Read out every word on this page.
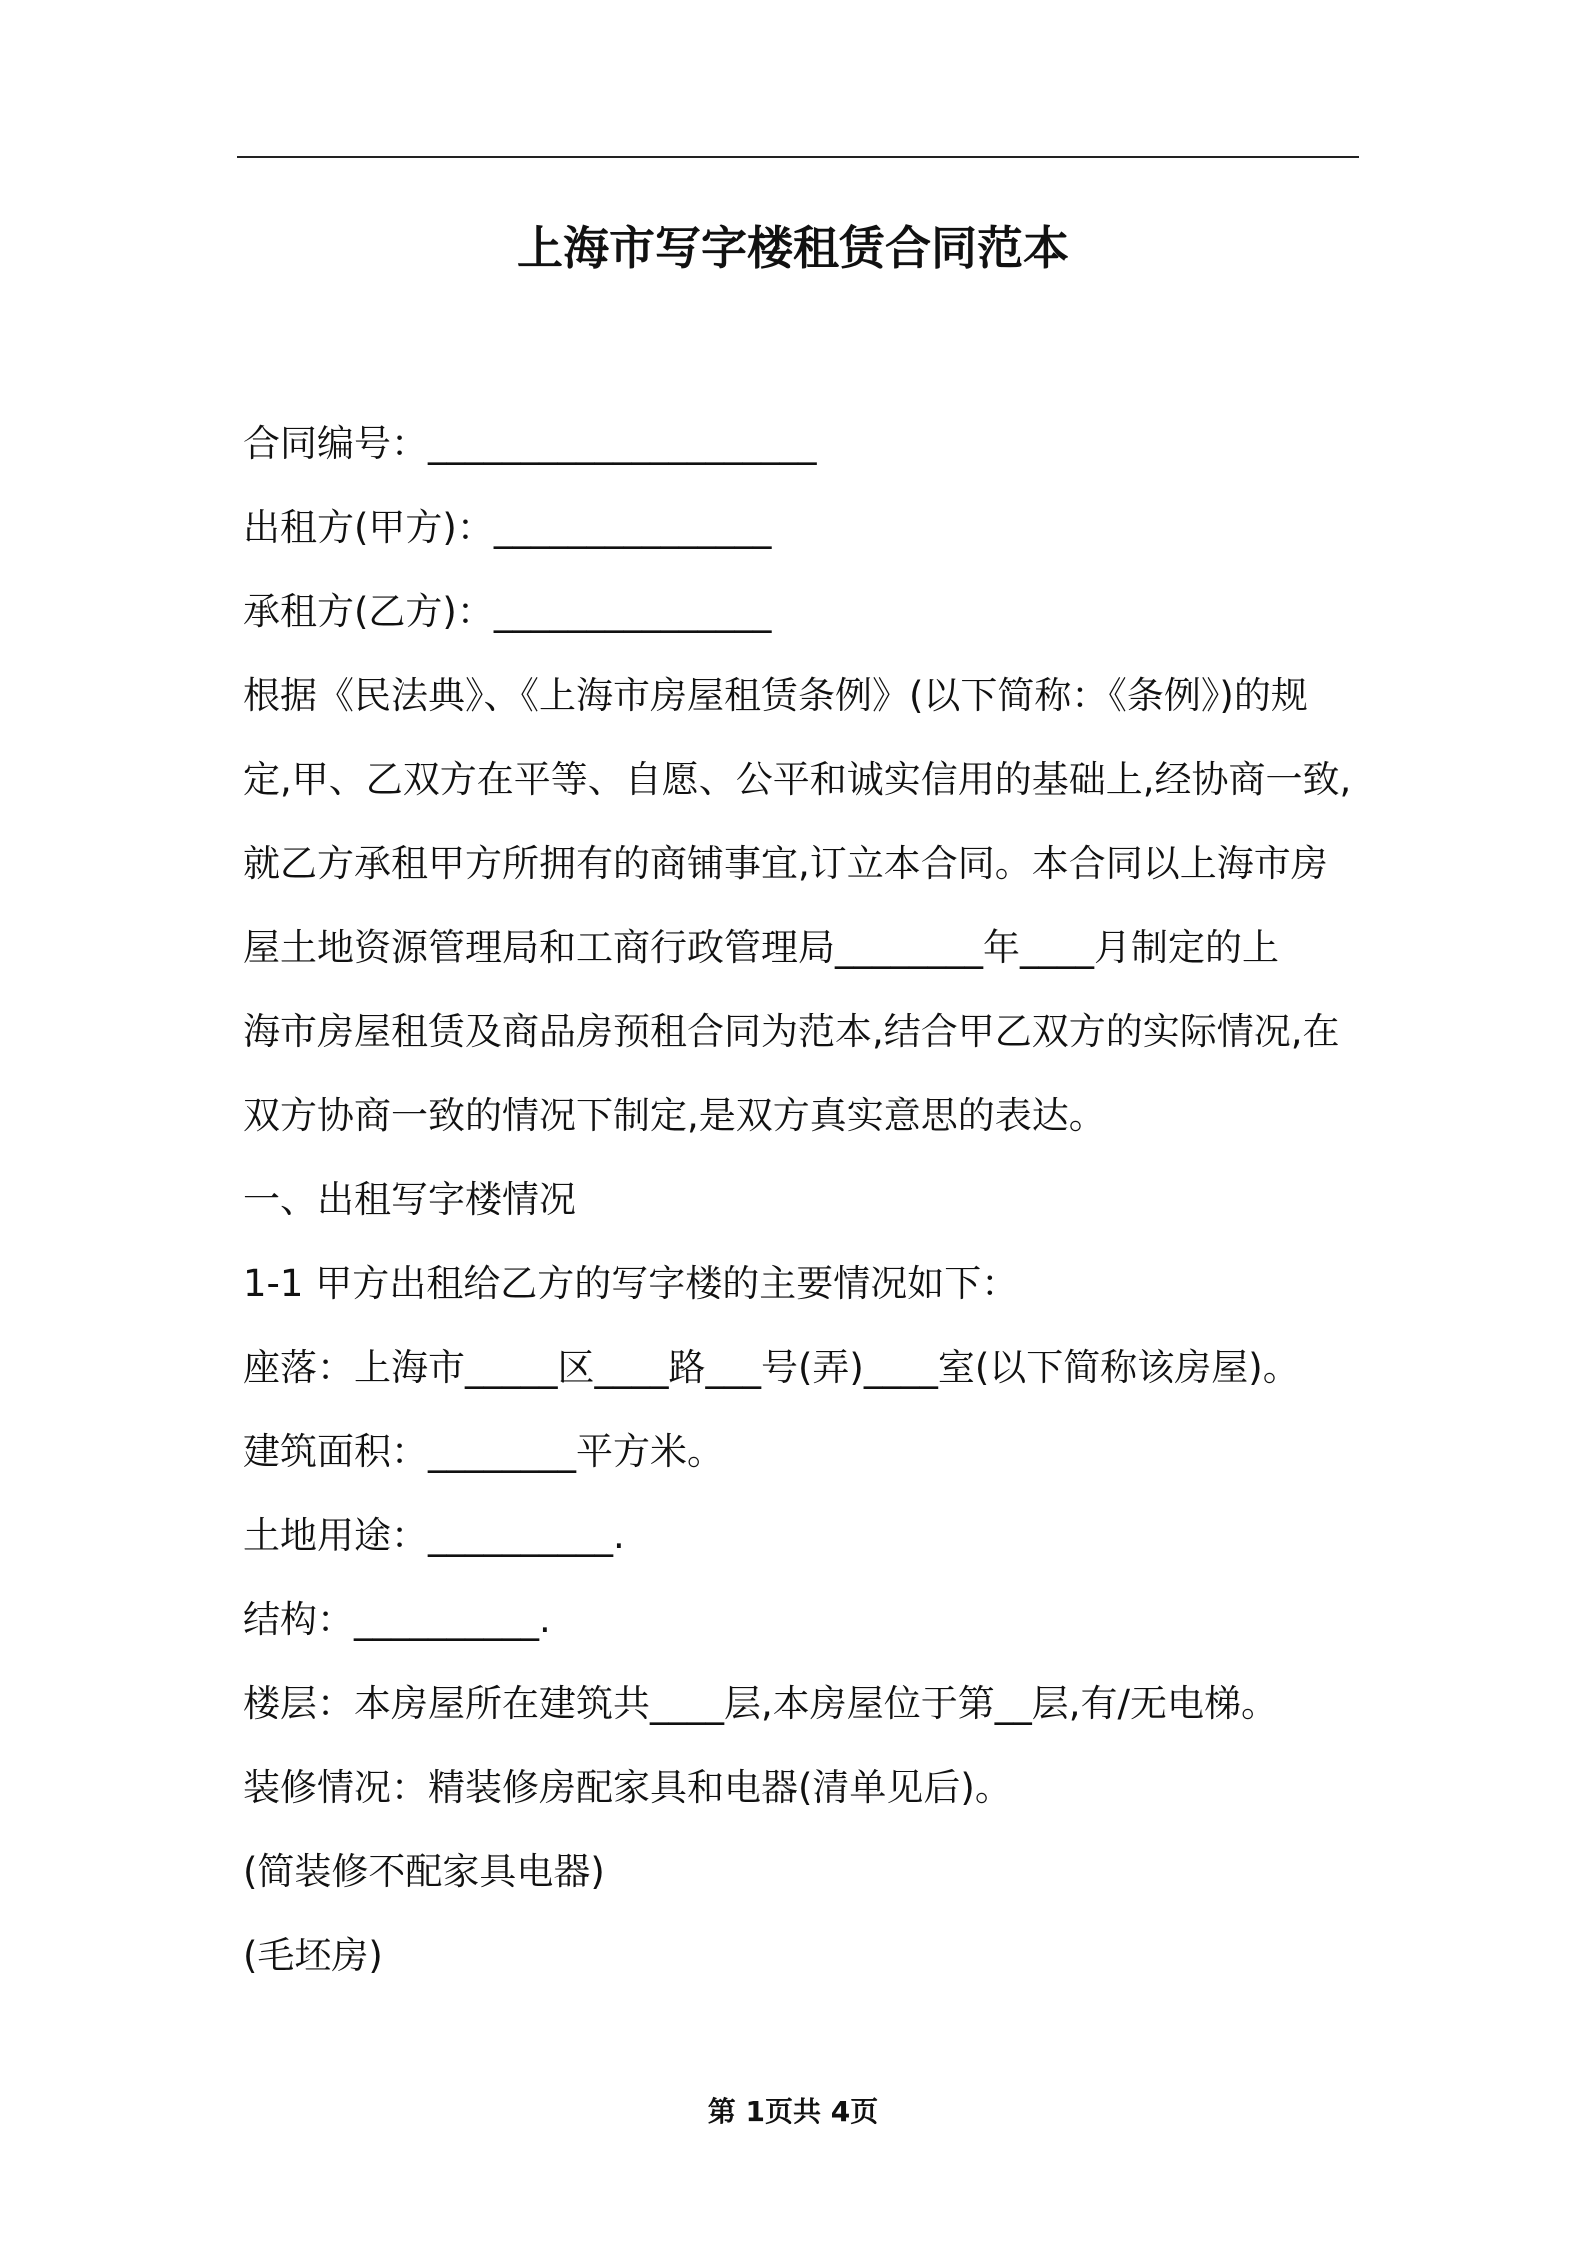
上海市写字楼租赁合同范本
合同编号：_____________________
出租方(甲方)：_______________
承租方(乙方)：_______________
根据《民法典》、《上海市房屋租赁条例》(以下简称：《条例》)的规
定,甲、乙双方在平等、自愿、公平和诚实信用的基础上,经协商一致,
就乙方承租甲方所拥有的商铺事宜,订立本合同。本合同以上海市房
屋土地资源管理局和工商行政管理局________年____月制定的上
海市房屋租赁及商品房预租合同为范本,结合甲乙双方的实际情况,在
双方协商一致的情况下制定,是双方真实意思的表达。
一、出租写字楼情况
1-1 甲方出租给乙方的写字楼的主要情况如下：
座落：上海市_____区____路___号(弄)____室(以下简称该房屋)。
建筑面积：________平方米。
土地用途：__________.
结构：__________.
楼层：本房屋所在建筑共____层,本房屋位于第__层,有/无电梯。
装修情况：精装修房配家具和电器(清单见后)。
(简装修不配家具电器)
(毛坯房)
第 1页共 4页
